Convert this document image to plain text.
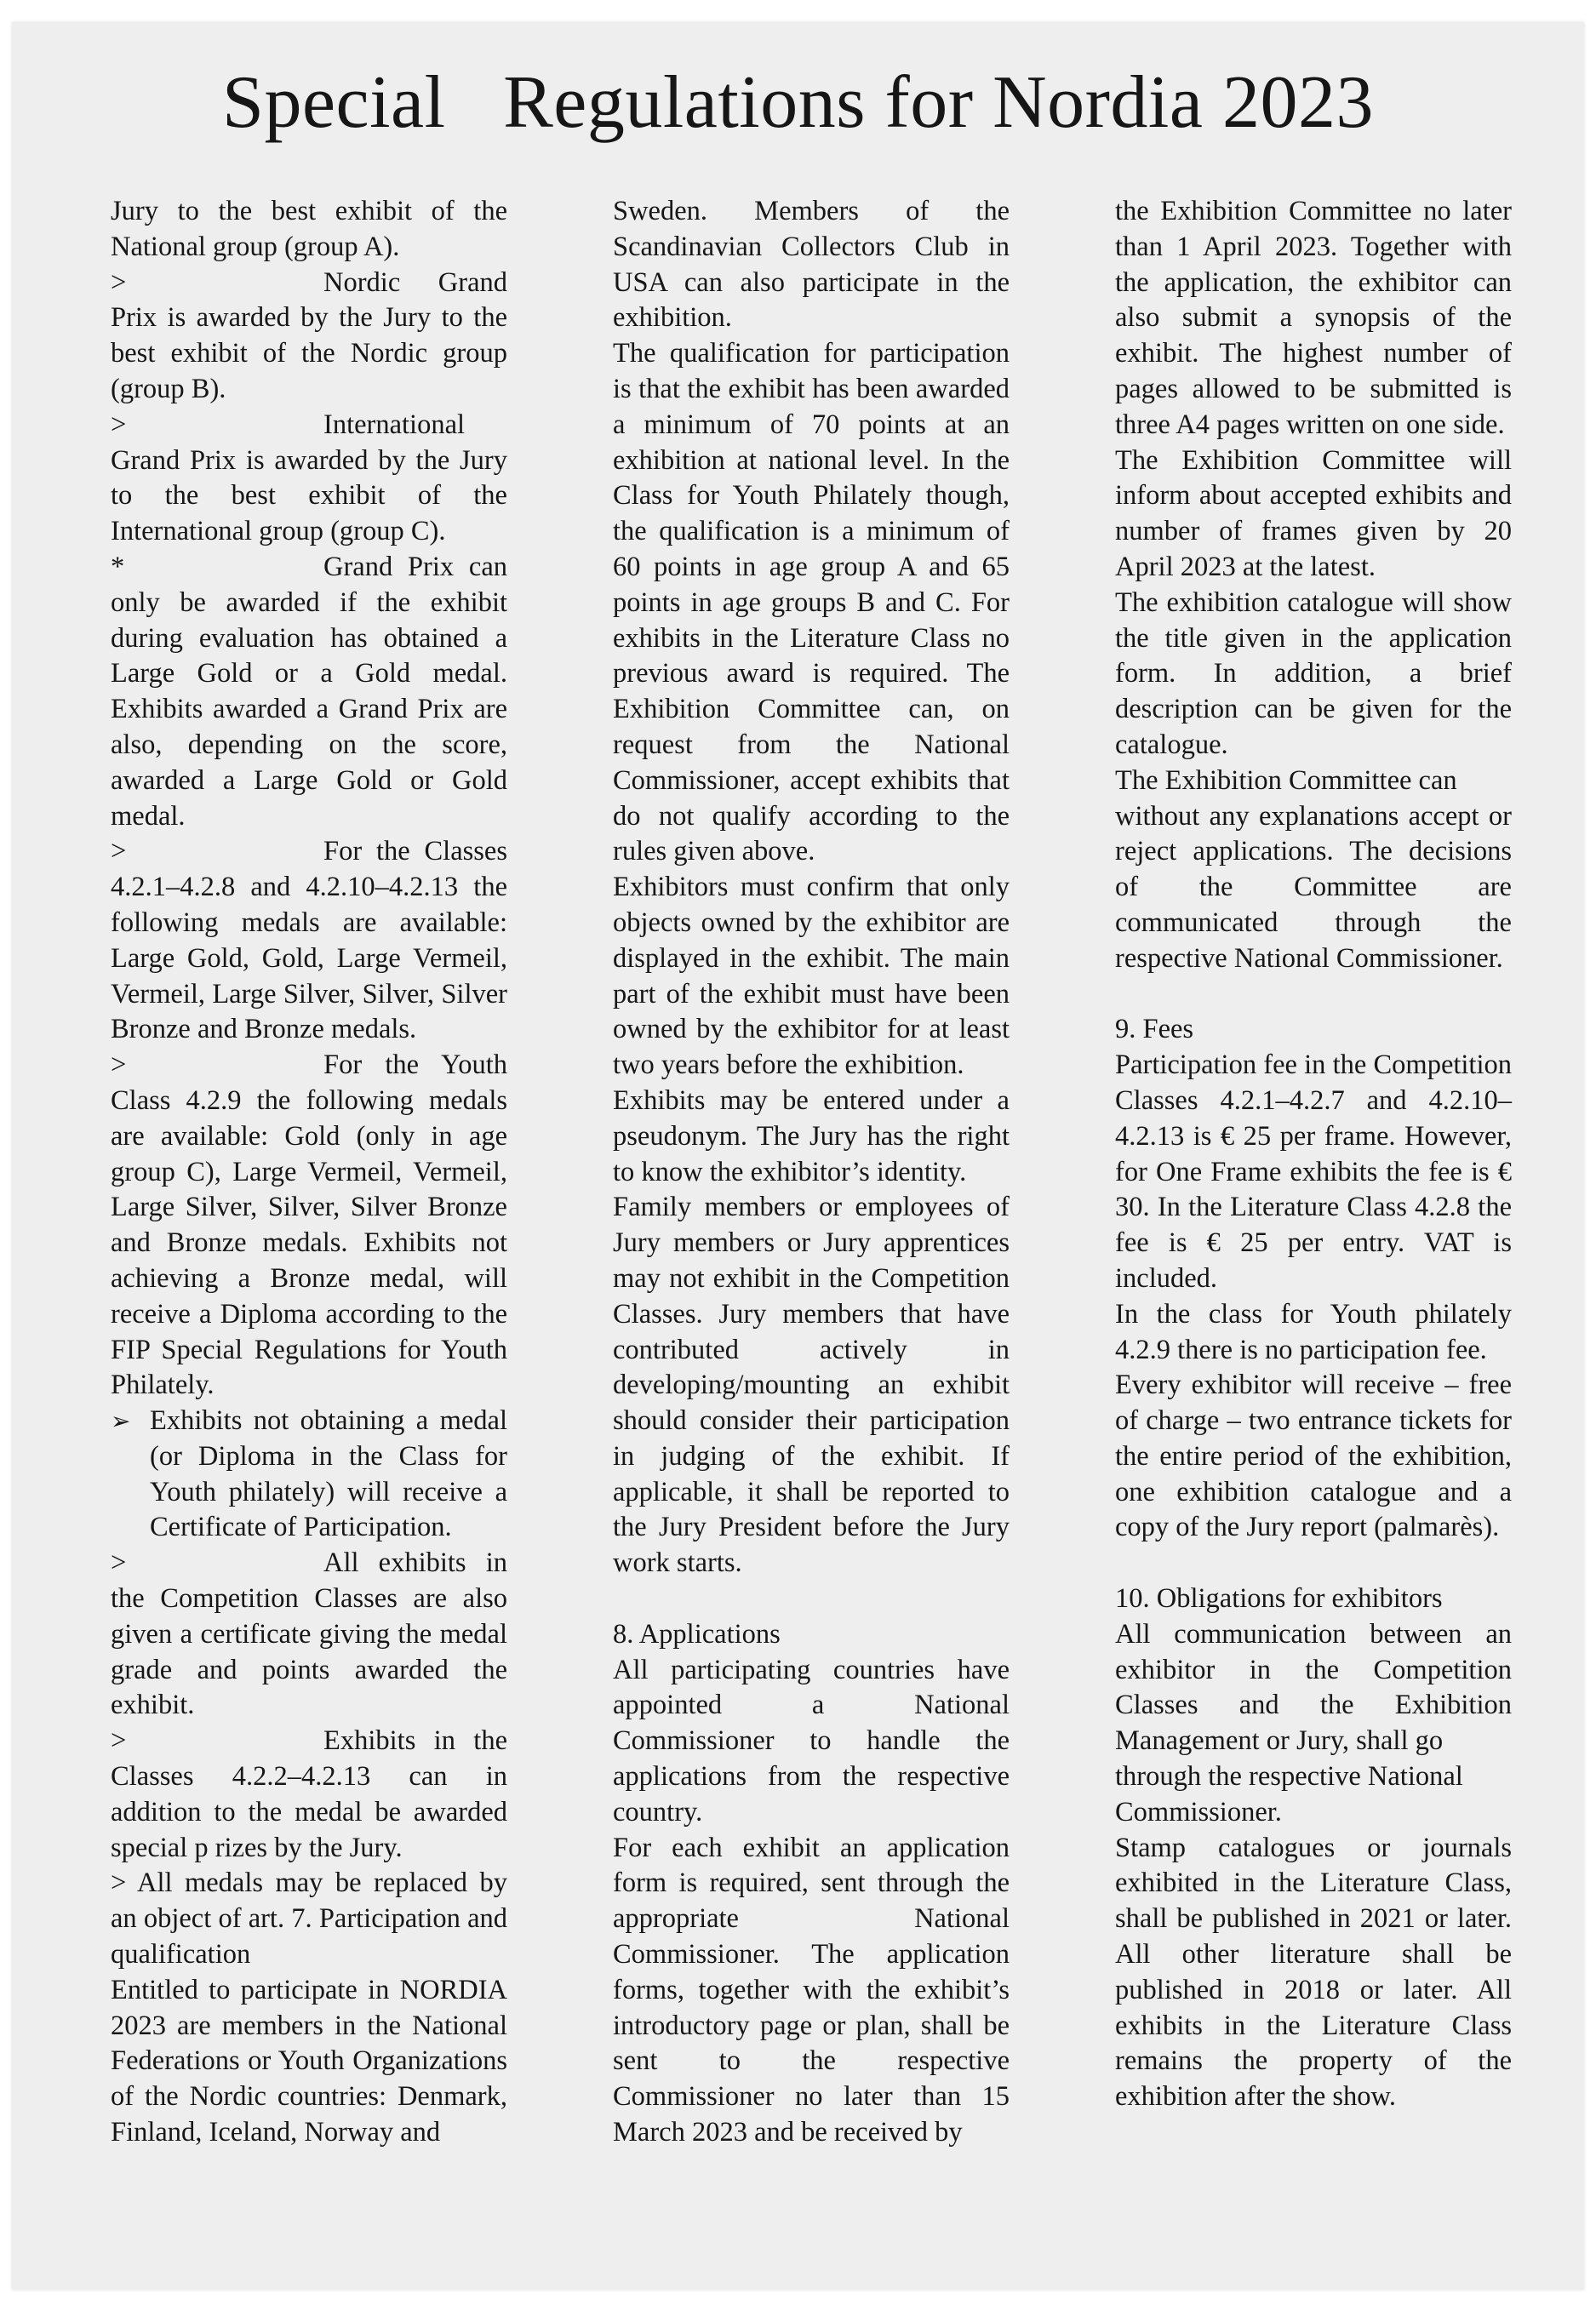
Special   Regulations for Nordia 2023

Jury to the best exhibit of the National group (group A).

>	Nordic Grand Prix is awarded by the Jury to the best exhibit of the Nordic group (group B).

>	International Grand Prix is awarded by the Jury to the best exhibit of the International group (group C).

*	Grand Prix can only be awarded if the exhibit during evaluation has obtained a Large Gold or a Gold medal. Exhibits awarded a Grand Prix are also, depending on the score, awarded a Large Gold or Gold medal.

>	For the Classes 4.2.1–4.2.8 and 4.2.10–4.2.13 the following medals are available: Large Gold, Gold, Large Vermeil, Vermeil, Large Silver, Silver, Silver Bronze and Bronze medals.

>	For the Youth Class 4.2.9 the following medals are available: Gold (only in age group C), Large Vermeil, Vermeil, Large Silver, Silver, Silver Bronze and Bronze medals. Exhibits not achieving a Bronze medal, will receive a Diploma according to the FIP Special Regulations for Youth Philately.

➢ Exhibits not obtaining a medal (or Diploma in the Class for Youth philately) will receive a Certificate of Participation.

>	All exhibits in the Competition Classes are also given a certificate giving the medal grade and points awarded the exhibit.

>	Exhibits in the Classes 4.2.2–4.2.13 can in addition to the medal be awarded special p rizes by the Jury.

> All medals may be replaced by an object of art. 7. Participation and qualification

Entitled to participate in NORDIA 2023 are members in the National Federations or Youth Organizations of the Nordic countries: Denmark, Finland, Iceland, Norway and

Sweden. Members of the Scandinavian Collectors Club in USA can also participate in the exhibition.

The qualification for participation is that the exhibit has been awarded a minimum of 70 points at an exhibition at national level. In the Class for Youth Philately though, the qualification is a minimum of 60 points in age group A and 65 points in age groups B and C. For exhibits in the Literature Class no previous award is required. The Exhibition Committee can, on request from the National Commissioner, accept exhibits that do not qualify according to the rules given above.

Exhibitors must confirm that only objects owned by the exhibitor are displayed in the exhibit. The main part of the exhibit must have been owned by the exhibitor for at least two years before the exhibition.

Exhibits may be entered under a pseudonym. The Jury has the right to know the exhibitor’s identity.

Family members or employees of Jury members or Jury apprentices may not exhibit in the Competition Classes. Jury members that have contributed actively in developing/mounting an exhibit should consider their participation in judging of the exhibit. If applicable, it shall be reported to the Jury President before the Jury work starts.

8. Applications

All participating countries have appointed a National Commissioner to handle the applications from the respective country.

For each exhibit an application form is required, sent through the appropriate National Commissioner. The application forms, together with the exhibit’s introductory page or plan, shall be sent to the respective Commissioner no later than 15 March 2023 and be received by

the Exhibition Committee no later than 1 April 2023. Together with the application, the exhibitor can also submit a synopsis of the exhibit. The highest number of pages allowed to be submitted is three A4 pages written on one side.

The Exhibition Committee will inform about accepted exhibits and number of frames given by 20 April 2023 at the latest.

The exhibition catalogue will show the title given in the application form. In addition, a brief description can be given for the catalogue.

The Exhibition Committee can

without any explanations accept or reject applications. The decisions of the Committee are communicated through the respective National Commissioner.

9. Fees

Participation fee in the Competition Classes 4.2.1–4.2.7 and 4.2.10–4.2.13 is € 25 per frame. However, for One Frame exhibits the fee is € 30. In the Literature Class 4.2.8 the fee is € 25 per entry. VAT is included.

In the class for Youth philately 4.2.9 there is no participation fee.

Every exhibitor will receive – free of charge – two entrance tickets for the entire period of the exhibition, one exhibition catalogue and a copy of the Jury report (palmarès).

10. Obligations for exhibitors

All communication between an exhibitor in the Competition Classes and the Exhibition Management or Jury, shall go

through the respective National

Commissioner.

Stamp catalogues or journals exhibited in the Literature Class, shall be published in 2021 or later. All other literature shall be published in 2018 or later. All exhibits in the Literature Class remains the property of the exhibition after the show.
